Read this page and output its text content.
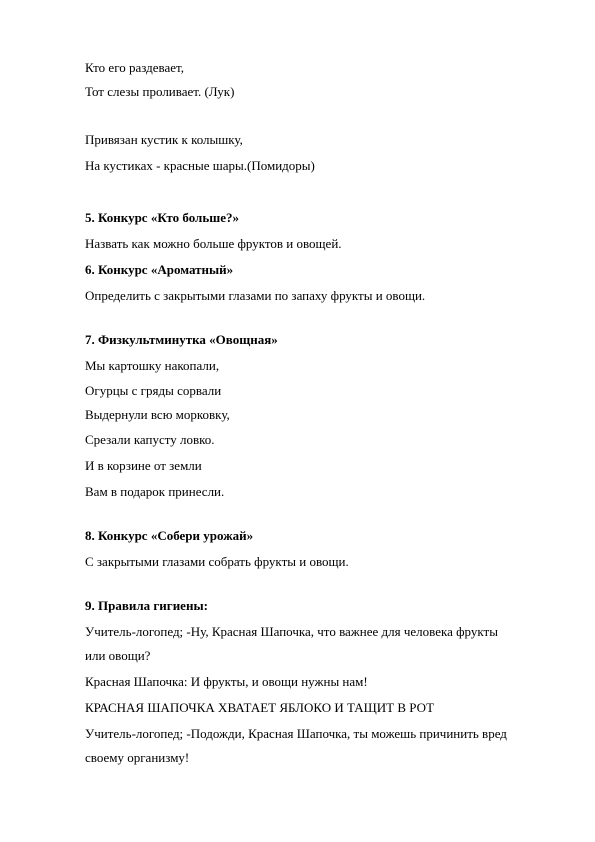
Кто его раздевает,

Тот слезы проливает. (Лук)

Привязан кустик к колышку,

На кустиках - красные шары.(Помидоры)

5. Конкурс «Кто больше?»

Назвать как можно больше фруктов и овощей.

6. Конкурс «Ароматный»

Определить с закрытыми глазами по запаху фрукты и овощи.

7. Физкультминутка «Овощная»

Мы картошку накопали,

Огурцы с гряды сорвали

Выдернули всю морковку,

Срезали капусту ловко.

И в корзине от земли

Вам в подарок принесли.

8. Конкурс «Собери урожай»

С закрытыми глазами собрать фрукты и овощи.

9. Правила гигиены:

Учитель-логопед; -Ну, Красная Шапочка, что важнее для человека фрукты

или овощи?

Красная Шапочка: И фрукты, и овощи нужны нам!

КРАСНАЯ ШАПОЧКА ХВАТАЕТ ЯБЛОКО И ТАЩИТ В РОТ

Учитель-логопед; -Подожди, Красная Шапочка, ты можешь причинить вред

своему организму!
